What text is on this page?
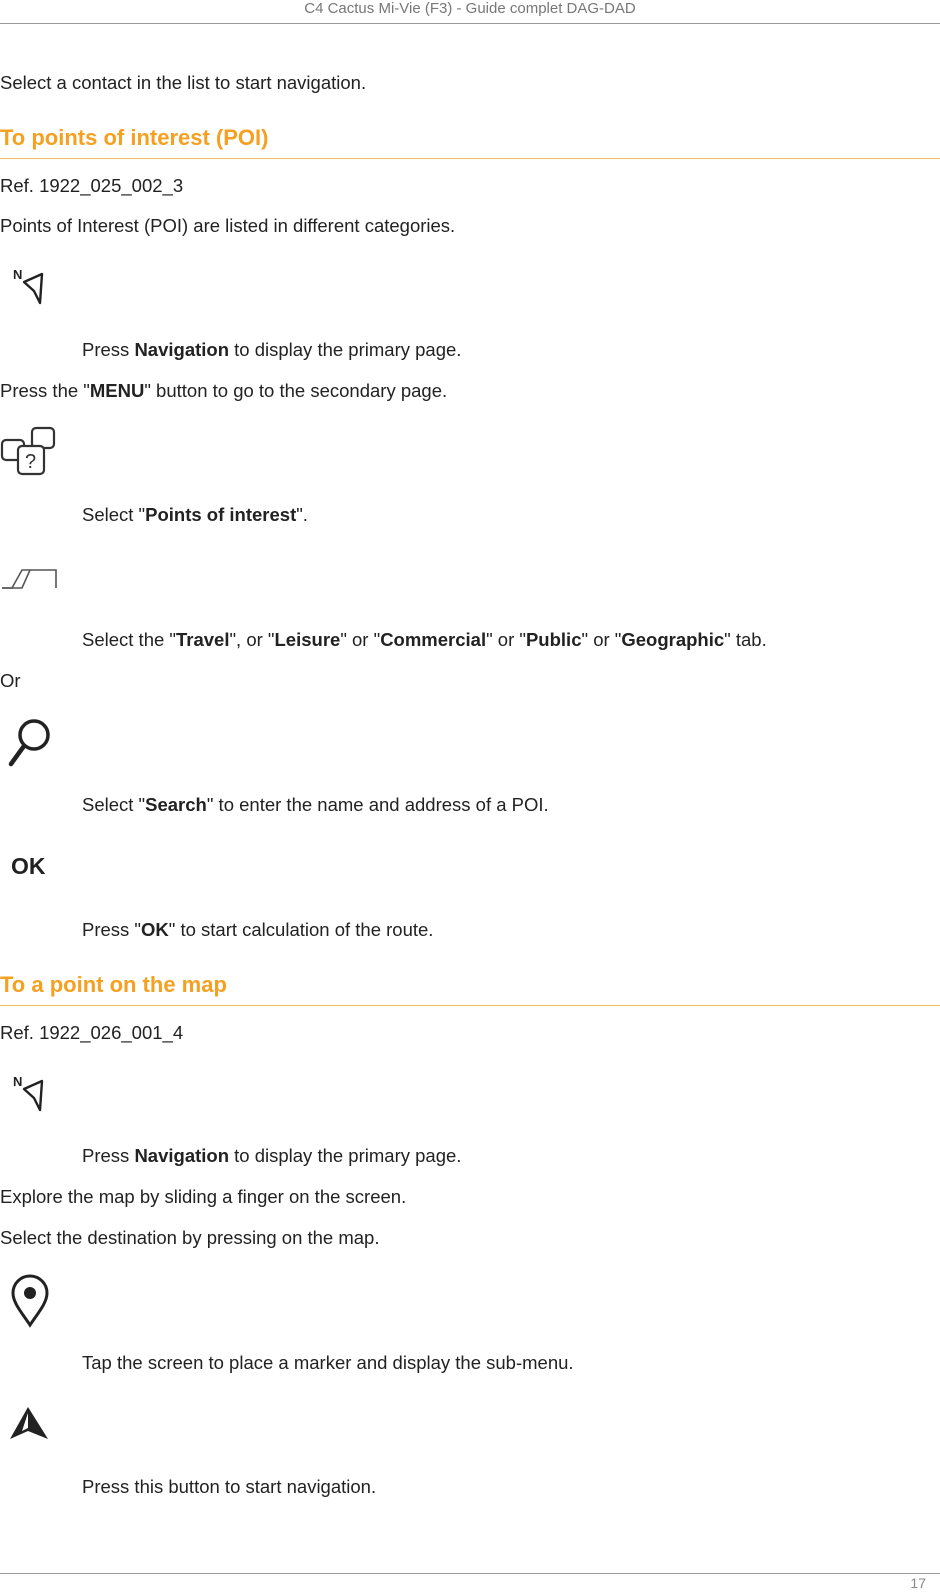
C4 Cactus Mi-Vie (F3) - Guide complet DAG-DAD
Select a contact in the list to start navigation.
To points of interest (POI)
Ref. 1922_025_002_3
Points of Interest (POI) are listed in different categories.
N
Press Navigation to display the primary page.
Press the "MENU" button to go to the secondary page.
?
Select "Points of interest".
Select the "Travel", or "Leisure" or "Commercial" or "Public" or "Geographic" tab.
Or
Select "Search" to enter the name and address of a POI.
OK
Press "OK" to start calculation of the route.
To a point on the map
Ref. 1922_026_001_4
N
Press Navigation to display the primary page.
Explore the map by sliding a finger on the screen.
Select the destination by pressing on the map.
Tap the screen to place a marker and display the sub-menu.
Press this button to start navigation.
17
